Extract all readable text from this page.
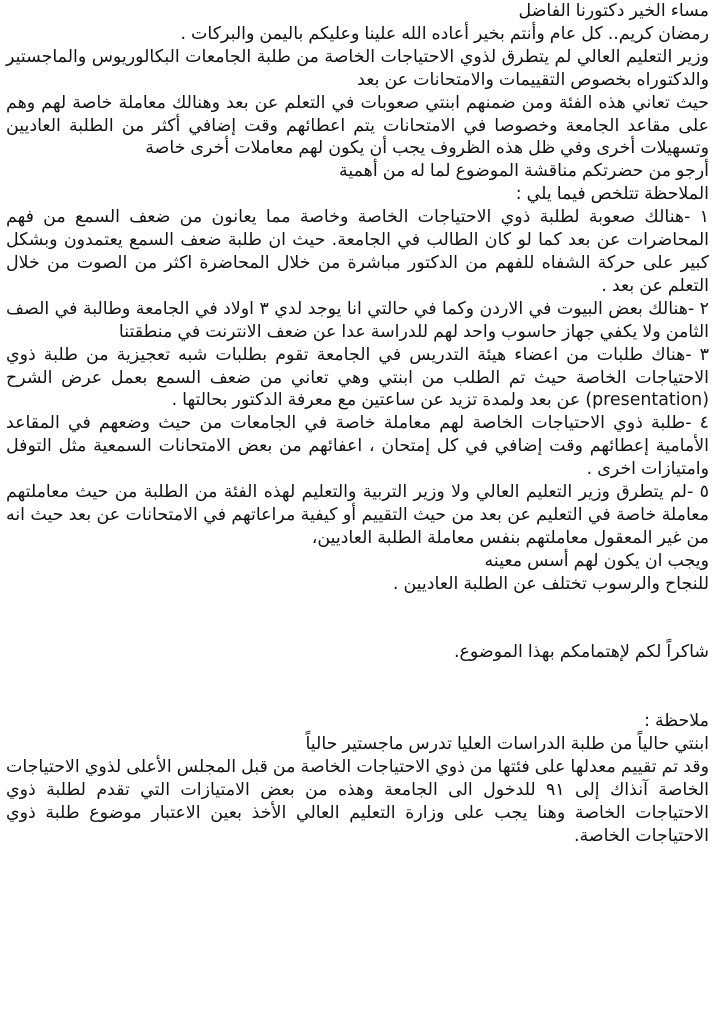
مساء الخير دكتورنا الفاضل
رمضان كريم.. كل عام وأنتم بخير أعاده الله علينا وعليكم باليمن والبركات .
وزير التعليم العالي لم يتطرق لذوي الاحتياجات الخاصة من طلبة الجامعات البكالوريوس والماجستير والدكتوراه بخصوص التقييمات والامتحانات عن بعد
حيث تعاني هذه الفئة ومن ضمنهم ابنتي صعوبات في التعلم عن بعد وهنالك معاملة خاصة لهم وهم على مقاعد الجامعة وخصوصا في الامتحانات يتم اعطائهم وقت إضافي أكثر من الطلبة العاديين وتسهيلات أخرى وفي ظل هذه الظروف يجب أن يكون لهم معاملات أخرى خاصة
أرجو من حضرتكم مناقشة الموضوع لما له من أهمية
الملاحظة تتلخص فيما يلي :
١ -هنالك صعوبة لطلبة ذوي الاحتياجات الخاصة وخاصة مما يعانون من ضعف السمع من فهم المحاضرات عن بعد كما لو كان الطالب في الجامعة. حيث ان طلبة ضعف السمع يعتمدون وبشكل كبير على حركة الشفاه للفهم من الدكتور مباشرة من خلال المحاضرة اكثر من الصوت من خلال التعلم عن بعد .
٢ -هنالك بعض البيوت في الاردن وكما في حالتي انا يوجد لدي ٣ اولاد في الجامعة وطالبة في الصف الثامن ولا يكفي جهاز حاسوب واحد لهم للدراسة عدا عن ضعف الانترنت في منطقتنا
٣ -هناك طلبات من اعضاء هيئة التدريس في الجامعة تقوم بطلبات شبه تعجيزية من طلبة ذوي الاحتياجات الخاصة حيث تم الطلب من ابنتي وهي تعاني من ضعف السمع بعمل عرض الشرح (presentation) عن بعد ولمدة تزيد عن ساعتين مع معرفة الدكتور بحالتها .
٤ -طلبة ذوي الاحتياجات الخاصة لهم معاملة خاصة في الجامعات من حيث وضعهم في المقاعد الأمامية إعطائهم وقت إضافي في كل إمتحان ، اعفائهم من بعض الامتحانات السمعية مثل التوفل وامتيازات اخرى .
٥ -لم يتطرق وزير التعليم العالي ولا وزير التربية والتعليم لهذه الفئة من الطلبة من حيث معاملتهم معاملة خاصة في التعليم عن بعد من حيث التقييم أو كيفية مراعاتهم في الامتحانات عن بعد حيث انه من غير المعقول معاملتهم بنفس معاملة الطلبة العاديين،
ويجب ان يكون لهم أسس معينه
للنجاح والرسوب تختلف عن الطلبة العاديين .
شاكراً لكم لإهتمامكم بهذا الموضوع.
ملاحظة :
ابنتي حالياً من طلبة الدراسات العليا تدرس ماجستير حالياً
وقد تم تقييم معدلها على فئتها من ذوي الاحتياجات الخاصة من قبل المجلس الأعلى لذوي الاحتياجات الخاصة آنذاك إلى ٩١ للدخول الى الجامعة وهذه من بعض الامتيازات التي تقدم لطلبة ذوي الاحتياجات الخاصة وهنا يجب على وزارة التعليم العالي الأخذ بعين الاعتبار موضوع طلبة ذوي الاحتياجات الخاصة.
